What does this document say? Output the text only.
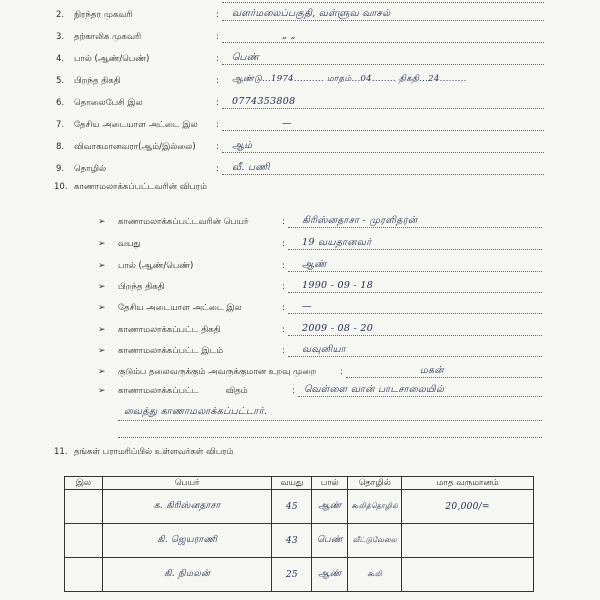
2. நிரந்தர முகவரி	: வளர்மலைப்பகுதி, வள்ளுவ வாசல்
3. தற்காலிக முகவரி	:	„ „
4. பால் (ஆண்/பெண்)	: பெண்
5. பிறந்த திகதி	: ஆண்டு...1974.......... மாதம்...04........ திகதி...24.........
6. தொலைபேசி இல	: 0774353808
7. தேசிய அடையாள அட்டை இல :	—
8. விவாகமானவரா(ஆம்/இல்லை) : ஆம்
9. தொழில்	: வீ. பணி
10. காணாமலாக்கப்பட்டவரின் விபரம்
➢ காணாமலாக்கப்பட்டவரின் பெயர்	: கிரிஸ்னதாசா - முரளிதரன்
➢ வயது	: 19 வயதானவர்
➢ பால் (ஆண்/பெண்)	: ஆண்
➢ பிறந்த திகதி	: 1990 - 09 - 18
➢ தேசிய அடையாள அட்டை இல	: —
➢ காணாமலாக்கப்பட்ட திகதி	: 2009 - 08 - 20
➢ காணாமலாக்கப்பட்ட இடம்	: வவுனியா
➢ குடும்ப தலைவருக்கும் அவருக்குமான உறவு முறை	:	மகன்
➢ காணாமலாக்கப்பட்ட          விதம்	: வெள்ளை வான் பாடசாலையில்
வைத்து காணாமலாக்கப்பட்டார்.
11. தங்கள் பராமரிப்பில் உள்ளவர்கள் விபரம்
இல	பெயர்	வயது	பால்	தொழில்	மாத வருமானம்
	க. கிரிஸ்னதாசா	45	ஆண்	கூலித்தொழில்	20,000/=
	கி. ஜெயராணி	43	பெண்	வீட்டுவேலை	
	கி. நிமலன்	25	ஆண்	கூலி	
